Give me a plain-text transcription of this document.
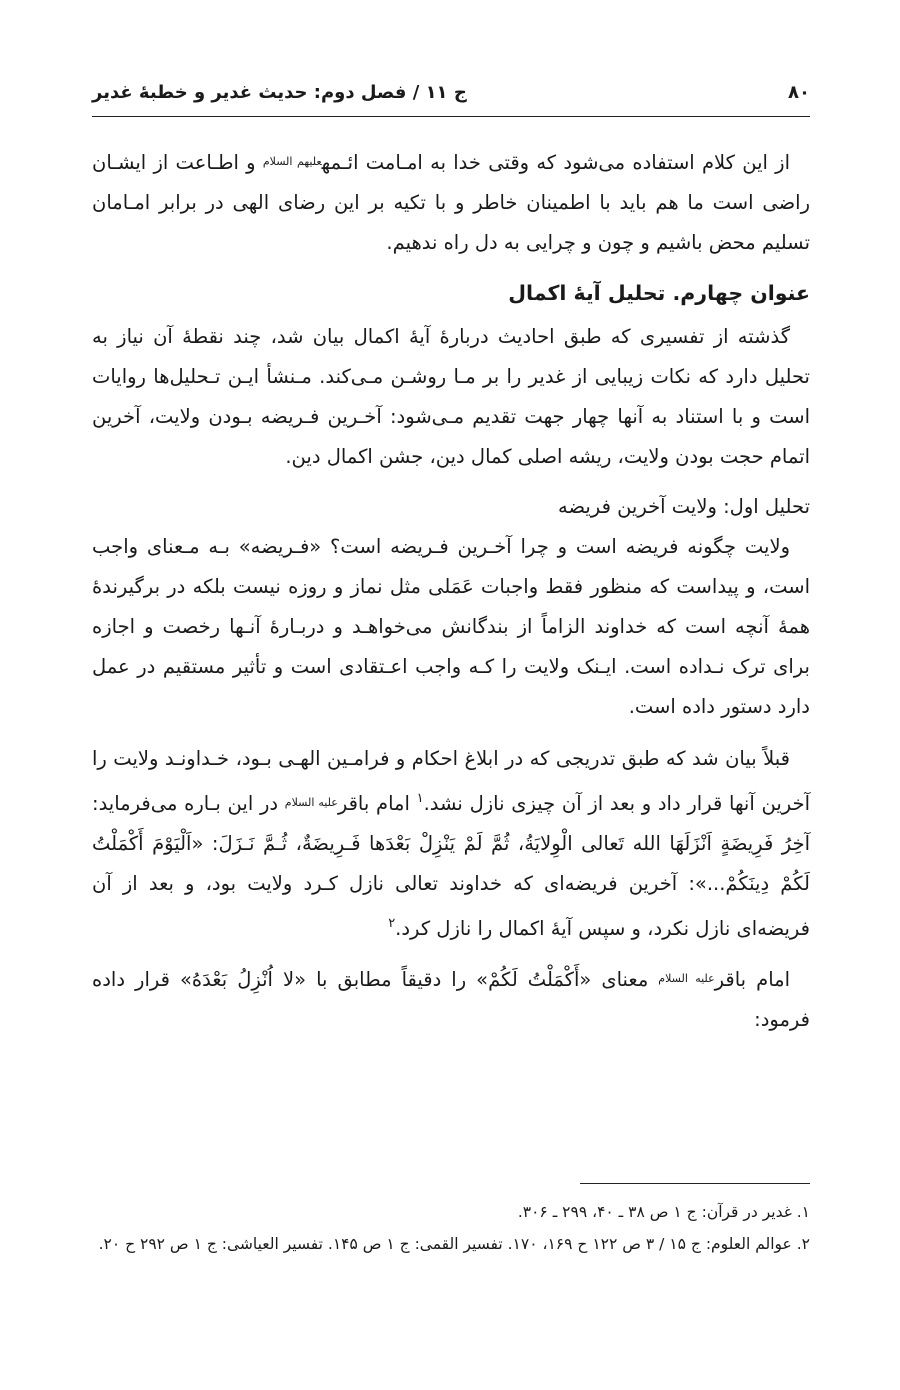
۸۰
ج ۱۱ / فصل دوم: حدیث غدیر و خطبهٔ غدیر

از این کلام استفاده می‌شود که وقتی خدا به امـامت ائـمه$^{علیهم السلام}$ و اطـاعت از ایشـان راضی است ما هم باید با اطمینان خاطر و با تکیه بر این رضای الهی در برابر امـامان تسلیم محض باشیم و چون و چرایی به دل راه ندهیم.

عنوان چهارم. تحلیل آیهٔ اکمال

گذشته از تفسیری که طبق احادیث دربارهٔ آیهٔ اکمال بیان شد، چند نقطهٔ آن نیاز به تحلیل دارد که نکات زیبایی از غدیر را بر مـا روشـن مـی‌کند. مـنشأ ایـن تـحلیل‌ها روایات است و با استناد به آنها چهار جهت تقدیم مـی‌شود: آخـرین فـریضه بـودن ولایت، آخرین اتمام حجت بودن ولایت، ریشه اصلی کمال دین، جشن اکمال دین.

تحلیل اول: ولایت آخرین فریضه

ولایت چگونه فریضه است و چرا آخـرین فـریضه است؟ «فـریضه» بـه مـعنای واجب است، و پیداست که منظور فقط واجبات عَمَلی مثل نماز و روزه نیست بلکه در برگیرندهٔ همهٔ آنچه است که خداوند الزاماً از بندگانش می‌خواهـد و دربـارهٔ آنـها رخصت و اجازه برای ترک نـداده است. ایـنک ولایت را کـه واجب اعـتقادی است و تأثیر مستقیم در عمل دارد دستور داده است.

قبلاً بیان شد که طبق تدریجی که در ابلاغ احکام و فرامـین الهـی بـود، خـداونـد ولایت را آخرین آنها قرار داد و بعد از آن چیزی نازل نشد.$^۱$ امام باقر$^{علیه السلام}$ در این بـاره می‌فرماید: آخِرُ فَرِیضَةٍ اَنْزَلَهَا الله تَعالی الْوِلایَةُ، ثُمَّ لَمْ یَنْزِلْ بَعْدَها فَـرِیضَةٌ، ثُـمَّ نَـزَلَ: «اَلْیَوْمَ أَکْمَلْتُ لَکُمْ دِینَکُمْ...»: آخرین فریضه‌ای که خداوند تعالی نازل کـرد ولایت بود، و بعد از آن فریضه‌ای نازل نکرد، و سپس آیهٔ اکمال را نازل کرد.$^۲$

امام باقر$^{علیه السلام}$ معنای «أَکْمَلْتُ لَکُمْ» را دقیقاً مطابق با «لا اُنْزِلُ بَعْدَهُ» قرار داده فرمود:

۱. غدیر در قرآن: ج ۱ ص ۳۸ ـ ۴۰، ۲۹۹ ـ ۳۰۶.

۲. عوالم العلوم: ج ۱۵ / ۳ ص ۱۲۲ ح ۱۶۹، ۱۷۰. تفسیر القمی: ج ۱ ص ۱۴۵. تفسیر العیاشی: ج ۱ ص ۲۹۲ ح ۲۰.
